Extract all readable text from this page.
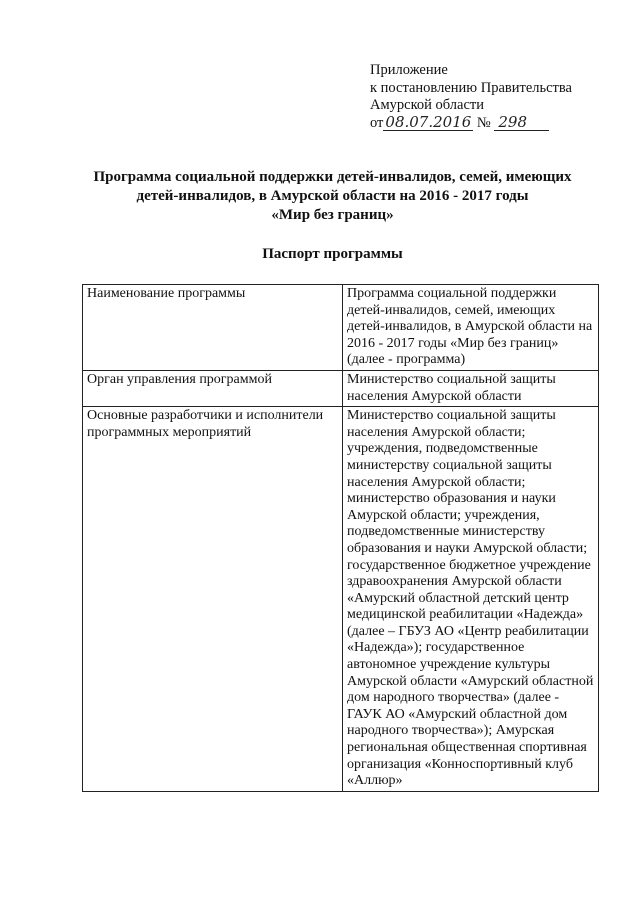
Приложение
к постановлению Правительства
Амурской области
от 08.07.2016 № 298
Программа социальной поддержки детей-инвалидов, семей, имеющих
детей-инвалидов, в Амурской области на 2016 - 2017 годы
«Мир без границ»
Паспорт программы
Наименование программы	Программа социальной поддержки детей-инвалидов, семей, имеющих детей-инвалидов, в Амурской области на 2016 - 2017 годы «Мир без границ» (далее - программа)
Орган управления программой	Министерство социальной защиты населения Амурской области
Основные разработчики и исполнители программных мероприятий	Министерство социальной защиты населения Амурской области; учреждения, подведомственные министерству социальной защиты населения Амурской области; министерство образования и науки Амурской области; учреждения, подведомственные министерству образования и науки Амурской области; государственное бюджетное учреждение здравоохранения Амурской области «Амурский областной детский центр медицинской реабилитации «Надежда» (далее – ГБУЗ АО «Центр реабилитации «Надежда»); государственное автономное учреждение культуры Амурской области «Амурский областной дом народного творчества» (далее - ГАУК АО «Амурский областной дом народного творчества»); Амурская региональная общественная спортивная организация «Конноспортивный клуб «Аллюр»
